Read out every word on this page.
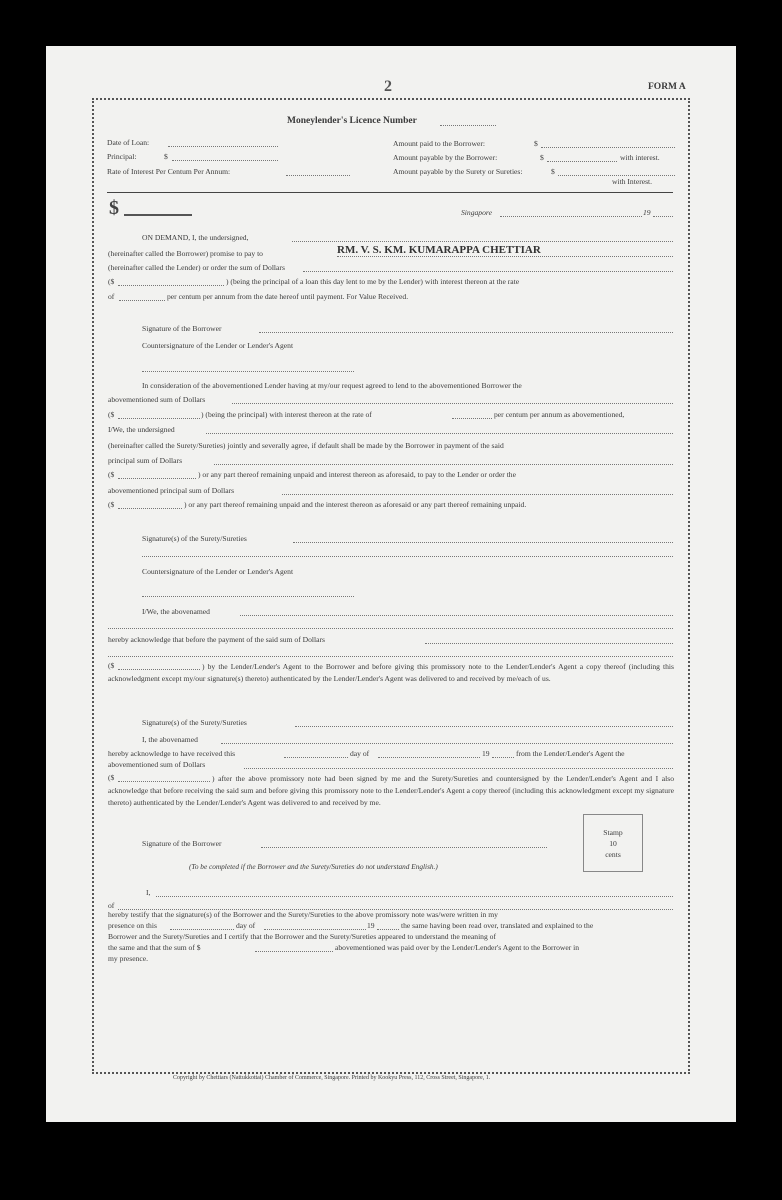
2	FORM A
Moneylender's Licence Number
Date of Loan:
Principal:	$
Rate of Interest Per Centum Per Annum:
Amount paid to the Borrower:	$
Amount payable by the Borrower:	$	with interest.
Amount payable by the Surety or Sureties:	$
with Interest.
$	Singapore	19
ON DEMAND, I, the undersigned,
(hereinafter called the Borrower) promise to pay to	RM. V. S. KM. KUMARAPPA CHETTIAR
(hereinafter called the Lender) or order the sum of Dollars
($	) (being the principal of a loan this day lent to me by the Lender) with interest thereon at the rate
of	per centum per annum from the date hereof until payment. For Value Received.
Signature of the Borrower
Countersignature of the Lender or Lender's Agent
In consideration of the abovementioned Lender having at my/our request agreed to lend to the abovementioned Borrower the
abovementioned sum of Dollars
($	) (being the principal) with interest thereon at the rate of	per centum per annum as abovementioned,
I/We, the undersigned
(hereinafter called the Surety/Sureties) jointly and severally agree, if default shall be made by the Borrower in payment of the said
principal sum of Dollars
($	) or any part thereof remaining unpaid and interest thereon as aforesaid, to pay to the Lender or order the
abovementioned principal sum of Dollars
($	) or any part thereof remaining unpaid and the interest thereon as aforesaid or any part thereof remaining unpaid.
Signature(s) of the Surety/Sureties
Countersignature of the Lender or Lender's Agent
I/We, the abovenamed
hereby acknowledge that before the payment of the said sum of Dollars
($	) by the Lender/Lender's Agent to the Borrower and before giving this promissory note to the Lender/Lender's Agent a copy thereof (including this acknowledgment except my/our signature(s) thereto) authenticated by the Lender/Lender's Agent was delivered to and received by me/each of us.
Signature(s) of the Surety/Sureties
I, the abovenamed
hereby acknowledge to have received this	day of	19	from the Lender/Lender's Agent the
abovementioned sum of Dollars
($	) after the above promissory note had been signed by me and the Surety/Sureties and countersigned by the Lender/Lender's Agent and I also acknowledge that before receiving the said sum and before giving this promissory note to the Lender/Lender's Agent a copy thereof (including this acknowledgment except my signature thereto) authenticated by the Lender/Lender's Agent was delivered to and received by me.
Signature of the Borrower
Stamp
10
cents
(To be completed if the Borrower and the Surety/Sureties do not understand English.)
I,
of
hereby testify that the signature(s) of the Borrower and the Surety/Sureties to the above promissory note was/were written in my
presence on this	day of	19	the same having been read over, translated and explained to the
Borrower and the Surety/Sureties and I certify that the Borrower and the Surety/Sureties appeared to understand the meaning of
the same and that the sum of $	abovementioned was paid over by the Lender/Lender's Agent to the Borrower in
my presence.
Copyright by Chettiars (Nattukkottai) Chamber of Commerce, Singapore. Printed by Kookyu Press, 112, Cross Street, Singapore, 1.
